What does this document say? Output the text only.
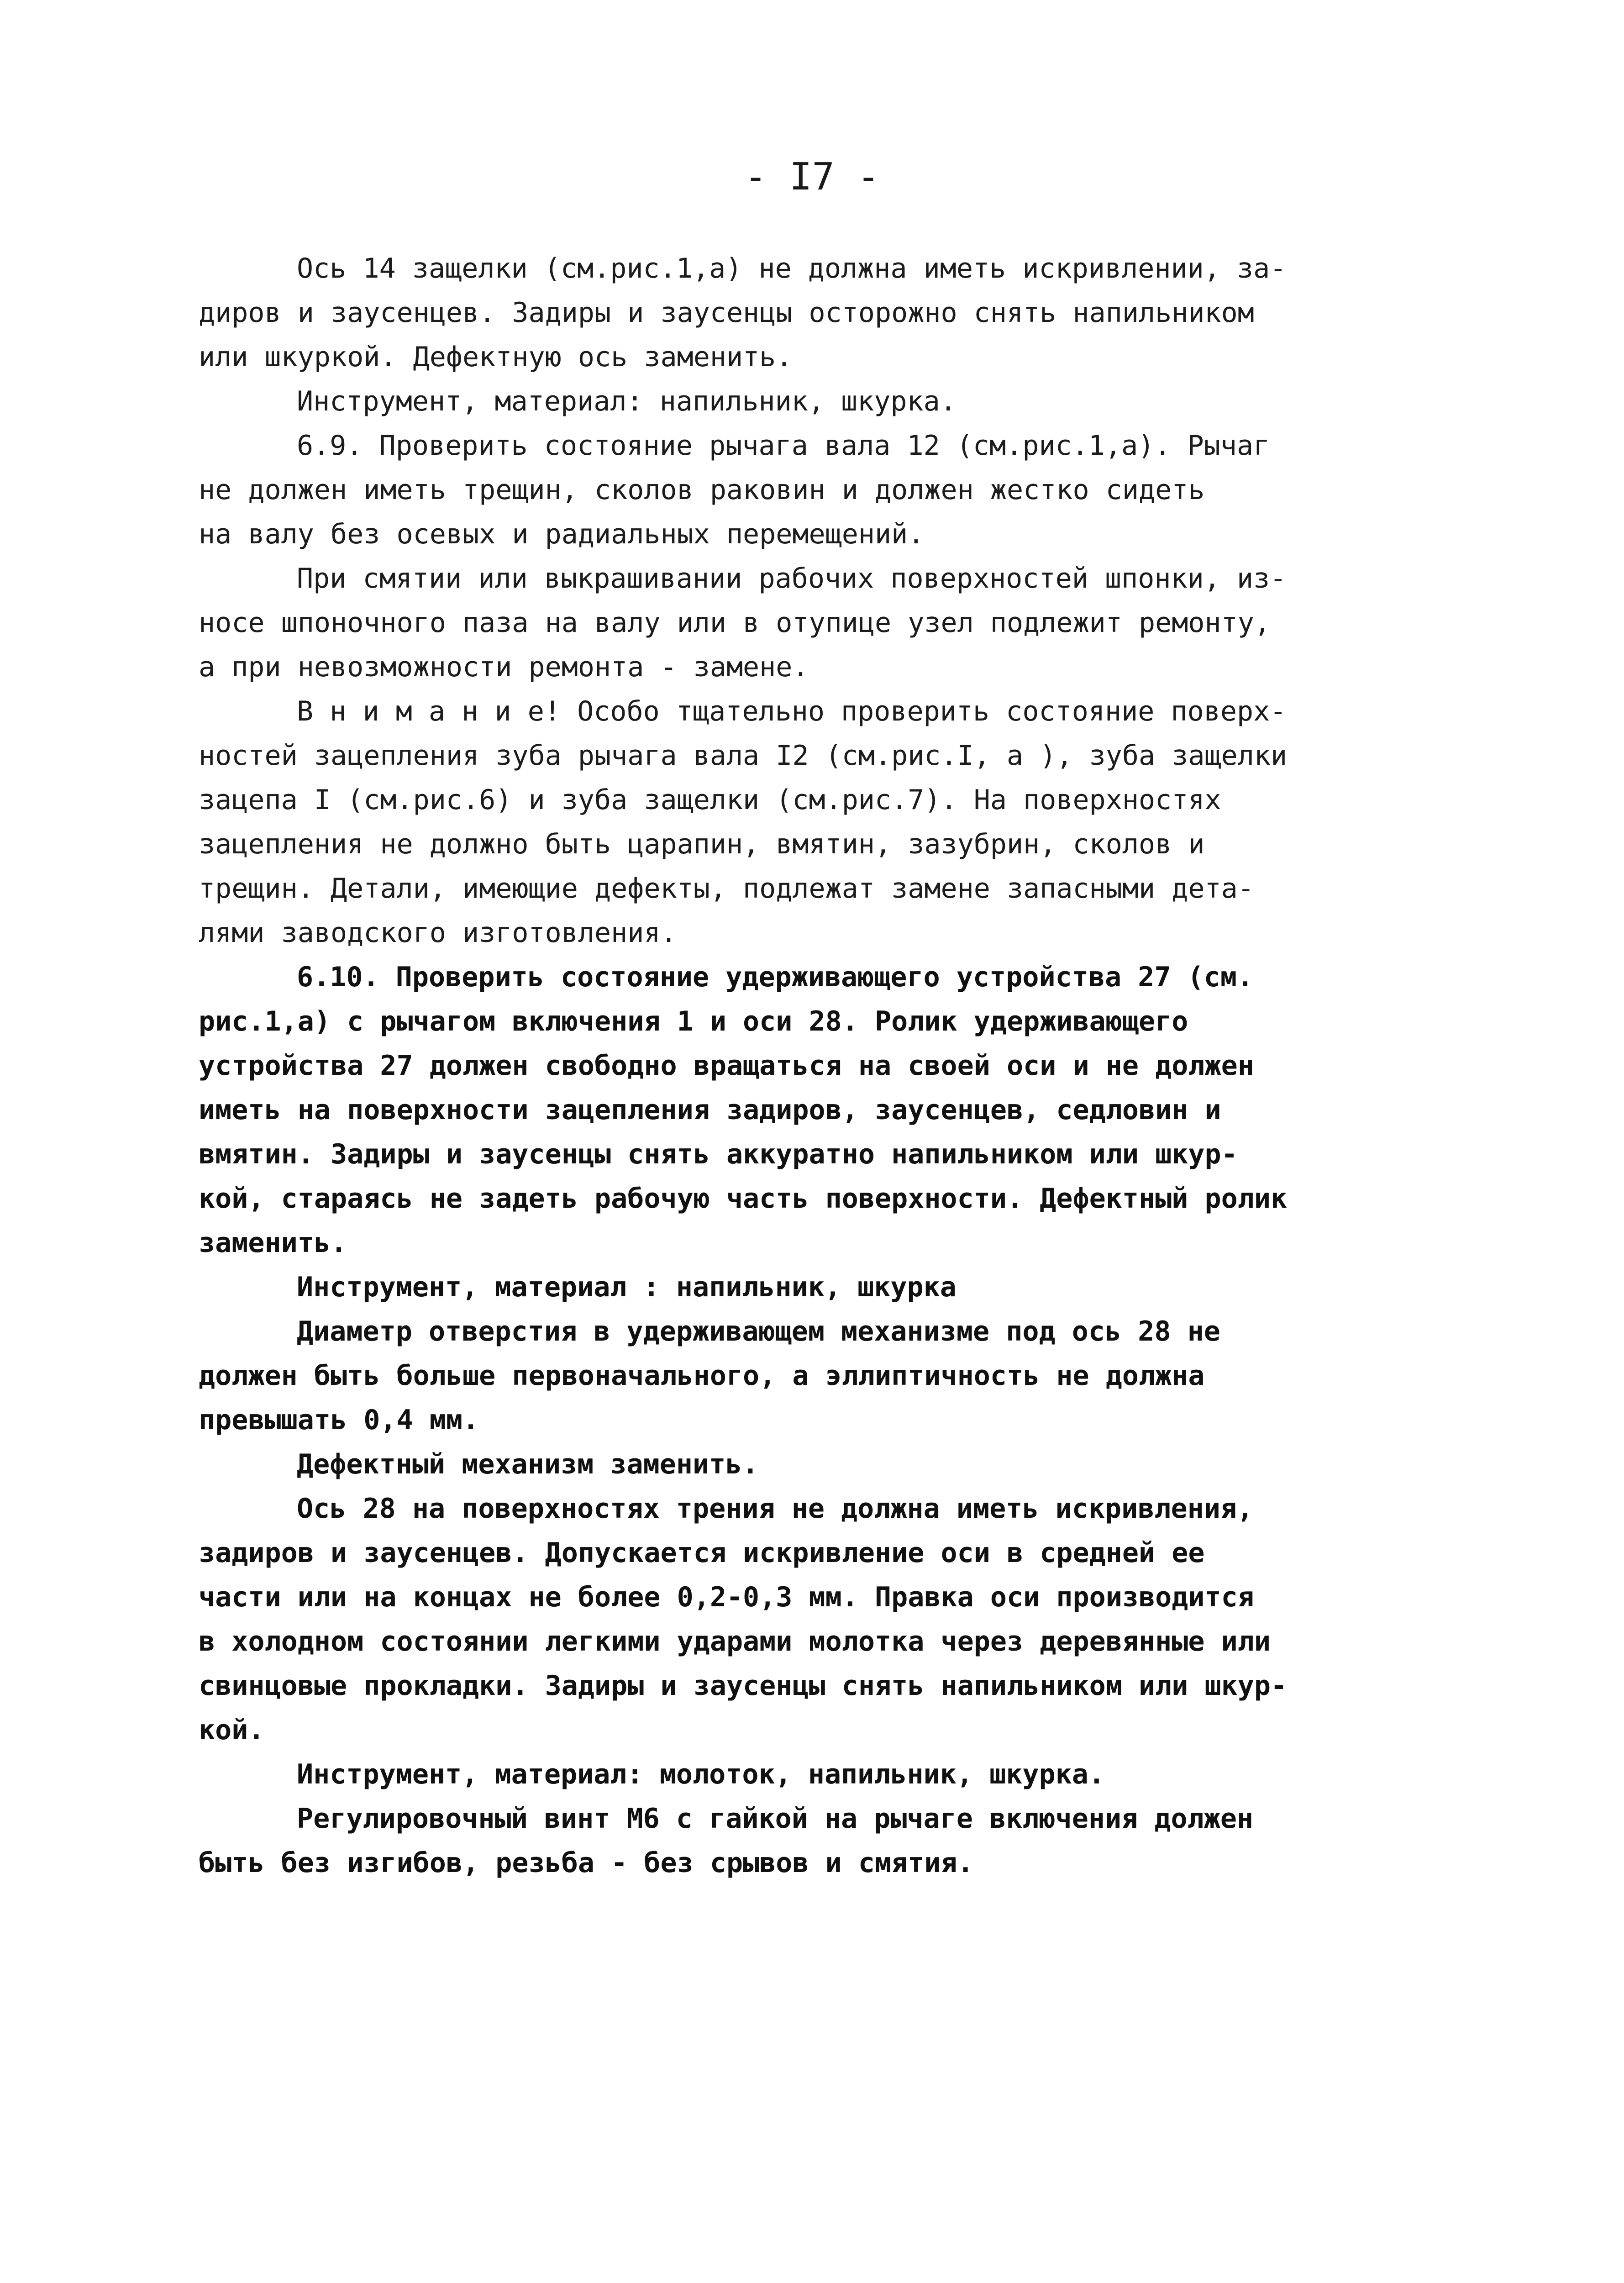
- I7 -
Ось 14 защелки (см.рис.1,а) не должна иметь искривлении, за-
диров и заусенцев. Задиры и заусенцы осторожно снять напильником
или шкуркой. Дефектную ось заменить.
Инструмент, материал: напильник, шкурка.
6.9. Проверить состояние рычага вала 12 (см.рис.1,а). Рычаг
не должен иметь трещин, сколов раковин и должен жестко сидеть
на валу без осевых и радиальных перемещений.
При смятии или выкрашивании рабочих поверхностей шпонки, из-
носе шпоночного паза на валу или в отупице узел подлежит ремонту,
а при невозможности ремонта - замене.
В н и м а н и е! Особо тщательно проверить состояние поверх-
ностей зацепления зуба рычага вала I2 (см.рис.I, а ), зуба защелки
зацепа I (см.рис.6) и зуба защелки (см.рис.7). На поверхностях
зацепления не должно быть царапин, вмятин, зазубрин, сколов и
трещин. Детали, имеющие дефекты, подлежат замене запасными дета-
лями заводского изготовления.
6.10. Проверить состояние удерживающего устройства 27 (см.
рис.1,а) с рычагом включения 1 и оси 28. Ролик удерживающего
устройства 27 должен свободно вращаться на своей оси и не должен
иметь на поверхности зацепления задиров, заусенцев, седловин и
вмятин. Задиры и заусенцы снять аккуратно напильником или шкур-
кой, стараясь не задеть рабочую часть поверхности. Дефектный ролик
заменить.
Инструмент, материал : напильник, шкурка
Диаметр отверстия в удерживающем механизме под ось 28 не
должен быть больше первоначального, а эллиптичность не должна
превышать 0,4 мм.
Дефектный механизм заменить.
Ось 28 на поверхностях трения не должна иметь искривления,
задиров и заусенцев. Допускается искривление оси в средней ее
части или на концах не более 0,2-0,3 мм. Правка оси производится
в холодном состоянии легкими ударами молотка через деревянные или
свинцовые прокладки. Задиры и заусенцы снять напильником или шкур-
кой.
Инструмент, материал: молоток, напильник, шкурка.
Регулировочный винт М6 с гайкой на рычаге включения должен
быть без изгибов, резьба - без срывов и смятия.
